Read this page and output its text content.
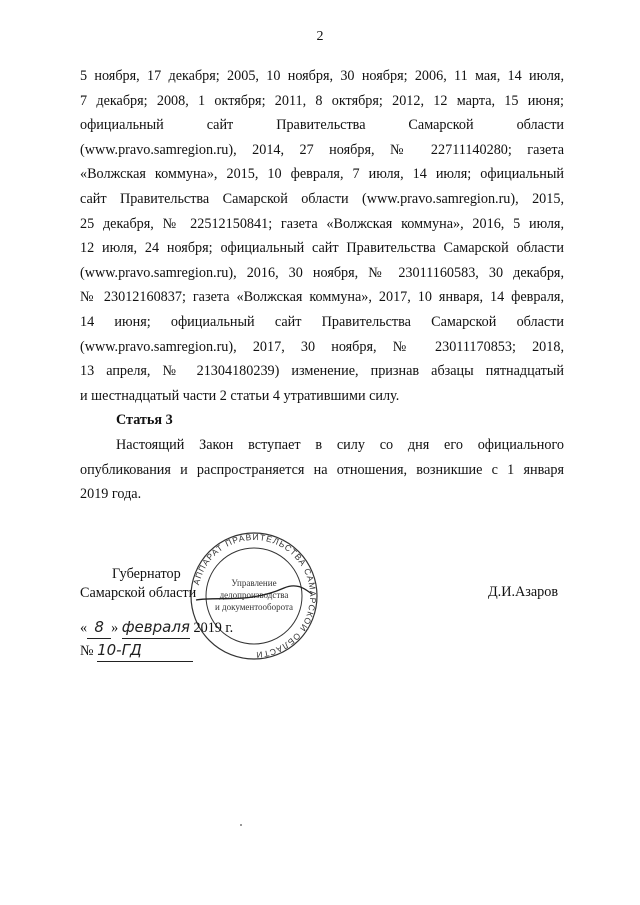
2
5 ноября, 17 декабря; 2005, 10 ноября, 30 ноября; 2006, 11 мая, 14 июля,
7 декабря; 2008, 1 октября; 2011, 8 октября; 2012, 12 марта, 15 июня;
официальный сайт Правительства Самарской области
(www.pravo.samregion.ru), 2014, 27 ноября, № 22711140280; газета
«Волжская коммуна», 2015, 10 февраля, 7 июля, 14 июля; официальный
сайт Правительства Самарской области (www.pravo.samregion.ru), 2015,
25 декабря, № 22512150841; газета «Волжская коммуна», 2016, 5 июля,
12 июля, 24 ноября; официальный сайт Правительства Самарской области
(www.pravo.samregion.ru), 2016, 30 ноября, № 23011160583, 30 декабря,
№ 23012160837; газета «Волжская коммуна», 2017, 10 января, 14 февраля,
14 июня; официальный сайт Правительства Самарской области
(www.pravo.samregion.ru), 2017, 30 ноября, № 23011170853; 2018,
13 апреля, № 21304180239) изменение, признав абзацы пятнадцатый
и шестнадцатый части 2 статьи 4 утратившими силу.
Статья 3
Настоящий Закон вступает в силу со дня его официального
опубликования и распространяется на отношения, возникшие с 1 января
2019 года.
Губернатор
Самарской области	Д.И.Азаров
АППАРАТ ПРАВИТЕЛЬСТВА САМАРСКОЙ ОБЛАСТИ
Управление
делопроизводства
и документооборота
« 8 » февраля 2019 г.
№ 10-ГД
